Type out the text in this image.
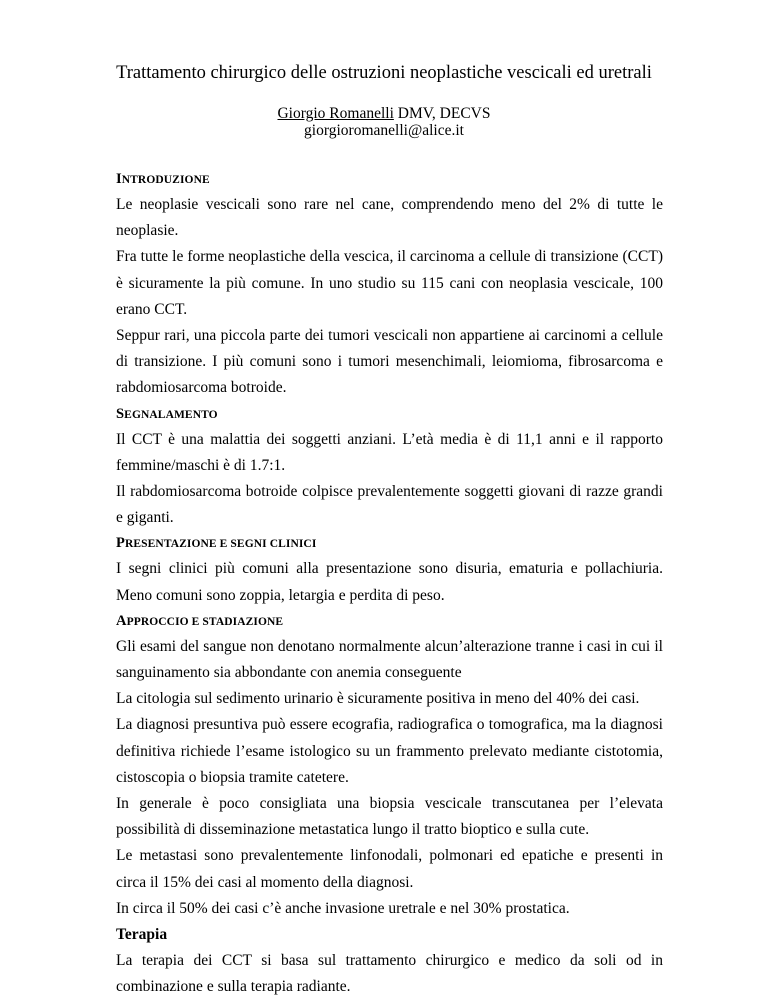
Trattamento chirurgico delle ostruzioni neoplastiche vescicali ed uretrali
Giorgio Romanelli DMV, DECVS
giorgioromanelli@alice.it
INTRODUZIONE

Le neoplasie vescicali sono rare nel cane, comprendendo meno del 2% di tutte le neoplasie.

Fra tutte le forme neoplastiche della vescica, il carcinoma a cellule di transizione (CCT) è sicuramente la più comune. In uno studio su 115 cani con neoplasia vescicale, 100 erano CCT.

Seppur rari, una piccola parte dei tumori vescicali non appartiene ai carcinomi a cellule di transizione. I più comuni sono i tumori mesenchimali, leiomioma, fibrosarcoma e rabdomiosarcoma botroide.

SEGNALAMENTO

Il CCT è una malattia dei soggetti anziani. L’età media è di 11,1 anni e il rapporto femmine/maschi è di 1.7:1.

Il rabdomiosarcoma botroide colpisce prevalentemente soggetti giovani di razze grandi e giganti.

PRESENTAZIONE E SEGNI CLINICI

I segni clinici più comuni alla presentazione sono disuria, ematuria e pollachiuria. Meno comuni sono zoppia, letargia e perdita di peso.

APPROCCIO E STADIAZIONE

Gli esami del sangue non denotano normalmente alcun’alterazione tranne i casi in cui il sanguinamento sia abbondante con anemia conseguente

La citologia sul sedimento urinario è sicuramente positiva in meno del 40% dei casi.

La diagnosi presuntiva può essere ecografia, radiografica o tomografica, ma la diagnosi definitiva richiede l’esame istologico su un frammento prelevato mediante cistotomia, cistoscopia o biopsia tramite catetere.

In generale è poco consigliata una biopsia vescicale transcutanea per l’elevata possibilità di disseminazione metastatica lungo il tratto bioptico e sulla cute.

Le metastasi sono prevalentemente linfonodali, polmonari ed epatiche e presenti in circa il 15% dei casi al momento della diagnosi.

In circa il 50% dei casi c’è anche invasione uretrale e nel 30% prostatica.

Terapia

La terapia dei CCT si basa sul trattamento chirurgico e medico da soli od in combinazione e sulla terapia radiante.
